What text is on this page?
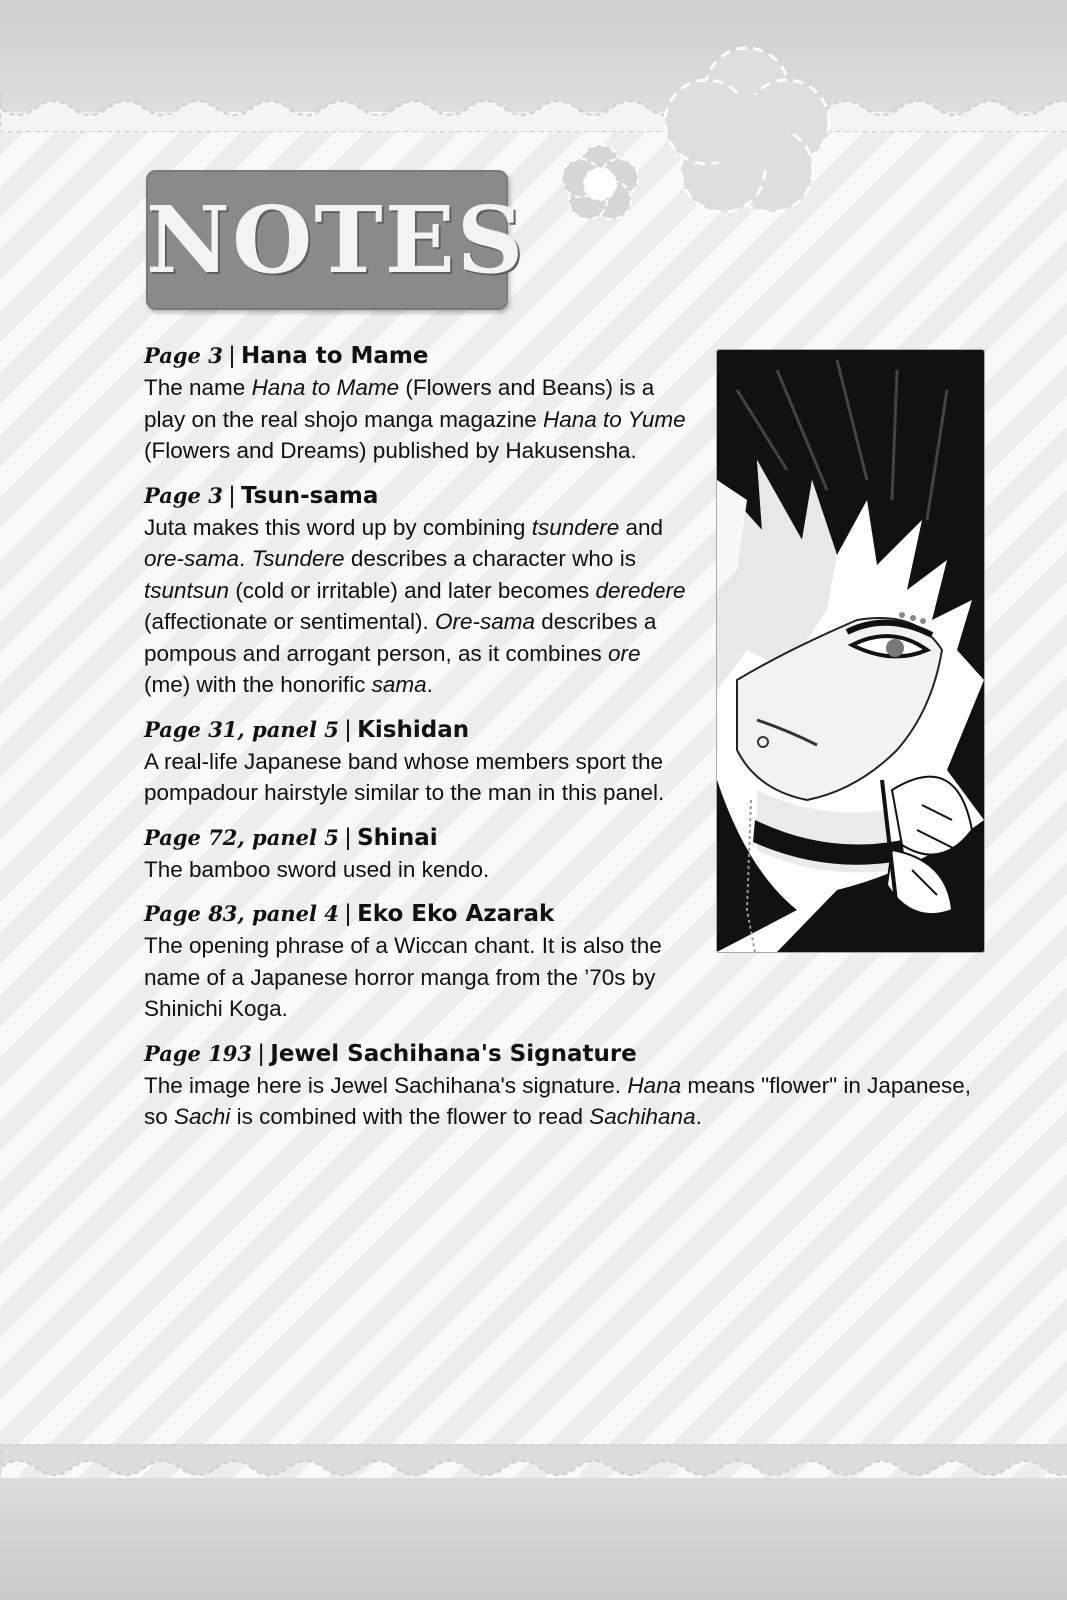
NOTES
Page 3 | Hana to Mame

The name Hana to Mame (Flowers and Beans) is a play on the real shojo manga magazine Hana to Yume (Flowers and Dreams) published by Hakusensha.

Page 3 | Tsun-sama

Juta makes this word up by combining tsundere and ore-sama. Tsundere describes a character who is tsuntsun (cold or irritable) and later becomes deredere (affectionate or sentimental). Ore-sama describes a pompous and arrogant person, as it combines ore (me) with the honorific sama.

Page 31, panel 5 | Kishidan

A real-life Japanese band whose members sport the pompadour hairstyle similar to the man in this panel.

Page 72, panel 5 | Shinai

The bamboo sword used in kendo.

Page 83, panel 4 | Eko Eko Azarak

The opening phrase of a Wiccan chant. It is also the name of a Japanese horror manga from the ’70s by Shinichi Koga.

Page 193 | Jewel Sachihana's Signature

The image here is Jewel Sachihana's signature. Hana means "flower" in Japanese, so Sachi is combined with the flower to read Sachihana.
